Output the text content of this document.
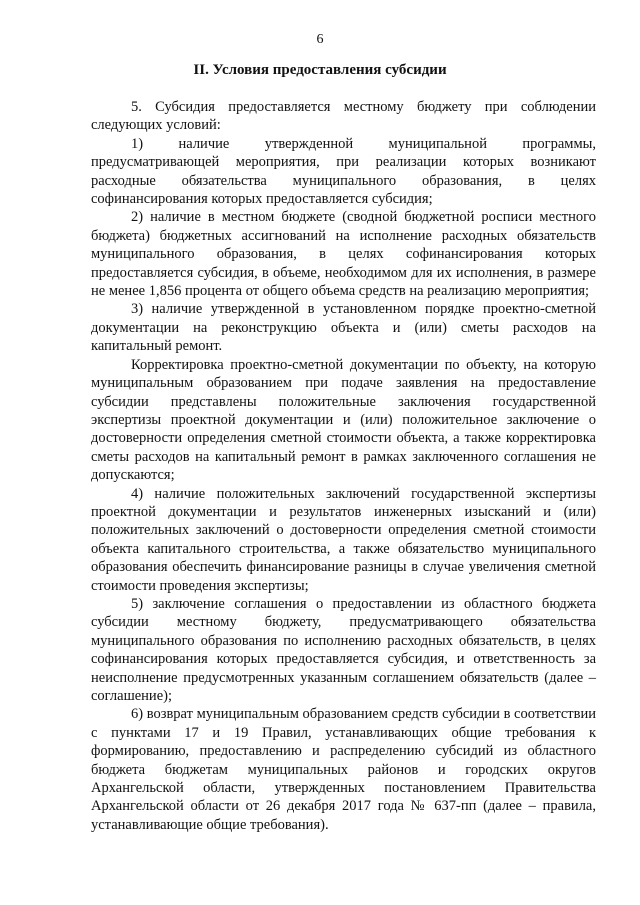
6
II. Условия предоставления субсидии

5. Субсидия предоставляется местному бюджету при соблюдении следующих условий:

1) наличие утвержденной муниципальной программы, предусматривающей мероприятия, при реализации которых возникают расходные обязательства муниципального образования, в целях софинансирования которых предоставляется субсидия;

2) наличие в местном бюджете (сводной бюджетной росписи местного бюджета) бюджетных ассигнований на исполнение расходных обязательств муниципального образования, в целях софинансирования которых предоставляется субсидия, в объеме, необходимом для их исполнения, в размере не менее 1,856 процента от общего объема средств на реализацию мероприятия;

3) наличие утвержденной в установленном порядке проектно-сметной документации на реконструкцию объекта и (или) сметы расходов на капитальный ремонт.

Корректировка проектно-сметной документации по объекту, на которую муниципальным образованием при подаче заявления на предоставление субсидии представлены положительные заключения государственной экспертизы проектной документации и (или) положительное заключение о достоверности определения сметной стоимости объекта, а также корректировка сметы расходов на капитальный ремонт в рамках заключенного соглашения не допускаются;

4) наличие положительных заключений государственной экспертизы проектной документации и результатов инженерных изысканий и (или) положительных заключений о достоверности определения сметной стоимости объекта капитального строительства, а также обязательство муниципального образования обеспечить финансирование разницы в случае увеличения сметной стоимости проведения экспертизы;

5) заключение соглашения о предоставлении из областного бюджета субсидии местному бюджету, предусматривающего обязательства муниципального образования по исполнению расходных обязательств, в целях софинансирования которых предоставляется субсидия, и ответственность за неисполнение предусмотренных указанным соглашением обязательств (далее – соглашение);

6) возврат муниципальным образованием средств субсидии в соответствии с пунктами 17 и 19 Правил, устанавливающих общие требования к формированию, предоставлению и распределению субсидий из областного бюджета бюджетам муниципальных районов и городских округов Архангельской области, утвержденных постановлением Правительства Архангельской области от 26 декабря 2017 года № 637-пп (далее – правила, устанавливающие общие требования).
